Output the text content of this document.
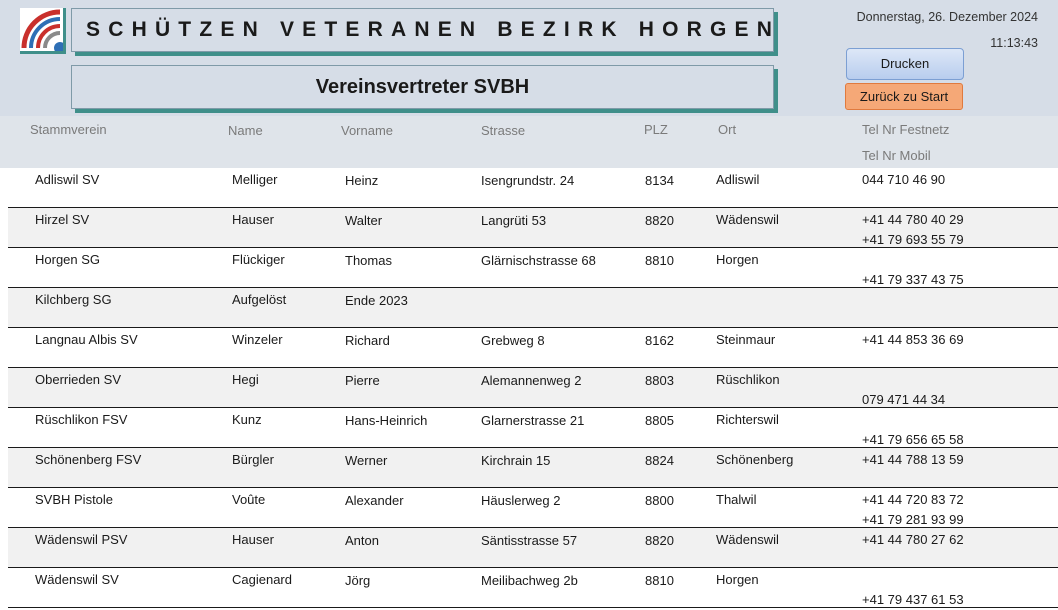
SCHÜTZEN VETERANEN BEZIRK HORGEN
Vereinsvertreter SVBH
Donnerstag, 26. Dezember 2024
11:13:43
Drucken
Zurück zu Start
Stammverein	Name	Vorname	Strasse	PLZ	Ort	Tel Nr Festnetz
Tel Nr Mobil
Adliswil SV	Melliger	Heinz	Isengrundstr. 24	8134	Adliswil	044 710 46 90
Hirzel SV	Hauser	Walter	Langrüti 53	8820	Wädenswil	+41 44 780 40 29
+41 79 693 55 79
Horgen SG	Flückiger	Thomas	Glärnischstrasse 68	8810	Horgen
+41 79 337 43 75
Kilchberg SG	Aufgelöst	Ende 2023
Langnau Albis SV	Winzeler	Richard	Grebweg 8	8162	Steinmaur	+41 44 853 36 69
Oberrieden SV	Hegi	Pierre	Alemannenweg 2	8803	Rüschlikon
079 471 44 34
Rüschlikon FSV	Kunz	Hans-Heinrich	Glarnerstrasse 21	8805	Richterswil
+41 79 656 65 58
Schönenberg FSV	Bürgler	Werner	Kirchrain 15	8824	Schönenberg	+41 44 788 13 59
SVBH Pistole	Voûte	Alexander	Häuslerweg 2	8800	Thalwil	+41 44 720 83 72
+41 79 281 93 99
Wädenswil PSV	Hauser	Anton	Säntisstrasse 57	8820	Wädenswil	+41 44 780 27 62
Wädenswil SV	Cagienard	Jörg	Meilibachweg 2b	8810	Horgen
+41 79 437 61 53
